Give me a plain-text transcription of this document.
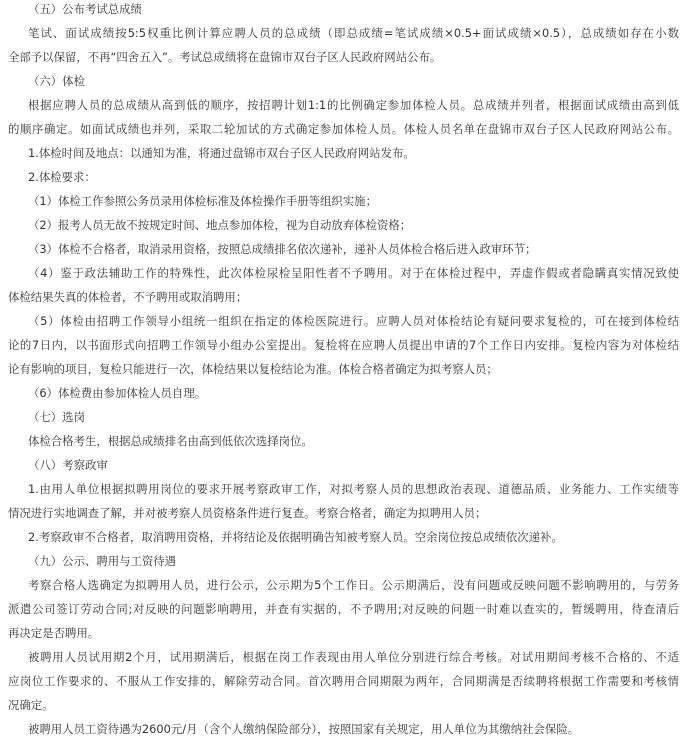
（五）公布考试总成绩
笔试、面试成绩按5:5权重比例计算应聘人员的总成绩（即总成绩=笔试成绩×0.5+面试成绩×0.5），总成绩如存在小数
全部予以保留，不再“四舍五入”。考试总成绩将在盘锦市双台子区人民政府网站公布。
（六）体检
根据应聘人员的总成绩从高到低的顺序，按招聘计划1:1的比例确定参加体检人员。总成绩并列者，根据面试成绩由高到低
的顺序确定。如面试成绩也并列，采取二轮加试的方式确定参加体检人员。体检人员名单在盘锦市双台子区人民政府网站公布。
1.体检时间及地点：以通知为准，将通过盘锦市双台子区人民政府网站发布。
2.体检要求：
（1）体检工作参照公务员录用体检标准及体检操作手册等组织实施；
（2）报考人员无故不按规定时间、地点参加体检，视为自动放弃体检资格；
（3）体检不合格者，取消录用资格，按照总成绩排名依次递补，递补人员体检合格后进入政审环节；
（4）鉴于政法辅助工作的特殊性，此次体检尿检呈阳性者不予聘用。对于在体检过程中，弄虚作假或者隐瞒真实情况致使
体检结果失真的体检者，不予聘用或取消聘用；
（5）体检由招聘工作领导小组统一组织在指定的体检医院进行。应聘人员对体检结论有疑问要求复检的，可在接到体检结
论的7日内，以书面形式向招聘工作领导小组办公室提出。复检将在应聘人员提出申请的7个工作日内安排。复检内容为对体检结
论有影响的项目，复检只能进行一次，体检结果以复检结论为准。体检合格者确定为拟考察人员；
（6）体检费由参加体检人员自理。
（七）选岗
体检合格考生，根据总成绩排名由高到低依次选择岗位。
（八）考察政审
1.由用人单位根据拟聘用岗位的要求开展考察政审工作，对拟考察人员的思想政治表现、道德品质、业务能力、工作实绩等
情况进行实地调查了解，并对被考察人员资格条件进行复查。考察合格者，确定为拟聘用人员；
2.考察政审不合格者，取消聘用资格，并将结论及依据明确告知被考察人员。空余岗位按总成绩依次递补。
（九）公示、聘用与工资待遇
考察合格人选确定为拟聘用人员，进行公示，公示期为5个工作日。公示期满后，没有问题或反映问题不影响聘用的，与劳务
派遣公司签订劳动合同;对反映的问题影响聘用，并查有实据的，不予聘用;对反映的问题一时难以查实的，暂缓聘用，待查清后
再决定是否聘用。
被聘用人员试用期2个月，试用期满后，根据在岗工作表现由用人单位分别进行综合考核。对试用期间考核不合格的、不适
应岗位工作要求的、不服从工作安排的，解除劳动合同。首次聘用合同期限为两年，合同期满是否续聘将根据工作需要和考核情
况确定。
被聘用人员工资待遇为2600元/月（含个人缴纳保险部分），按照国家有关规定，用人单位为其缴纳社会保险。
